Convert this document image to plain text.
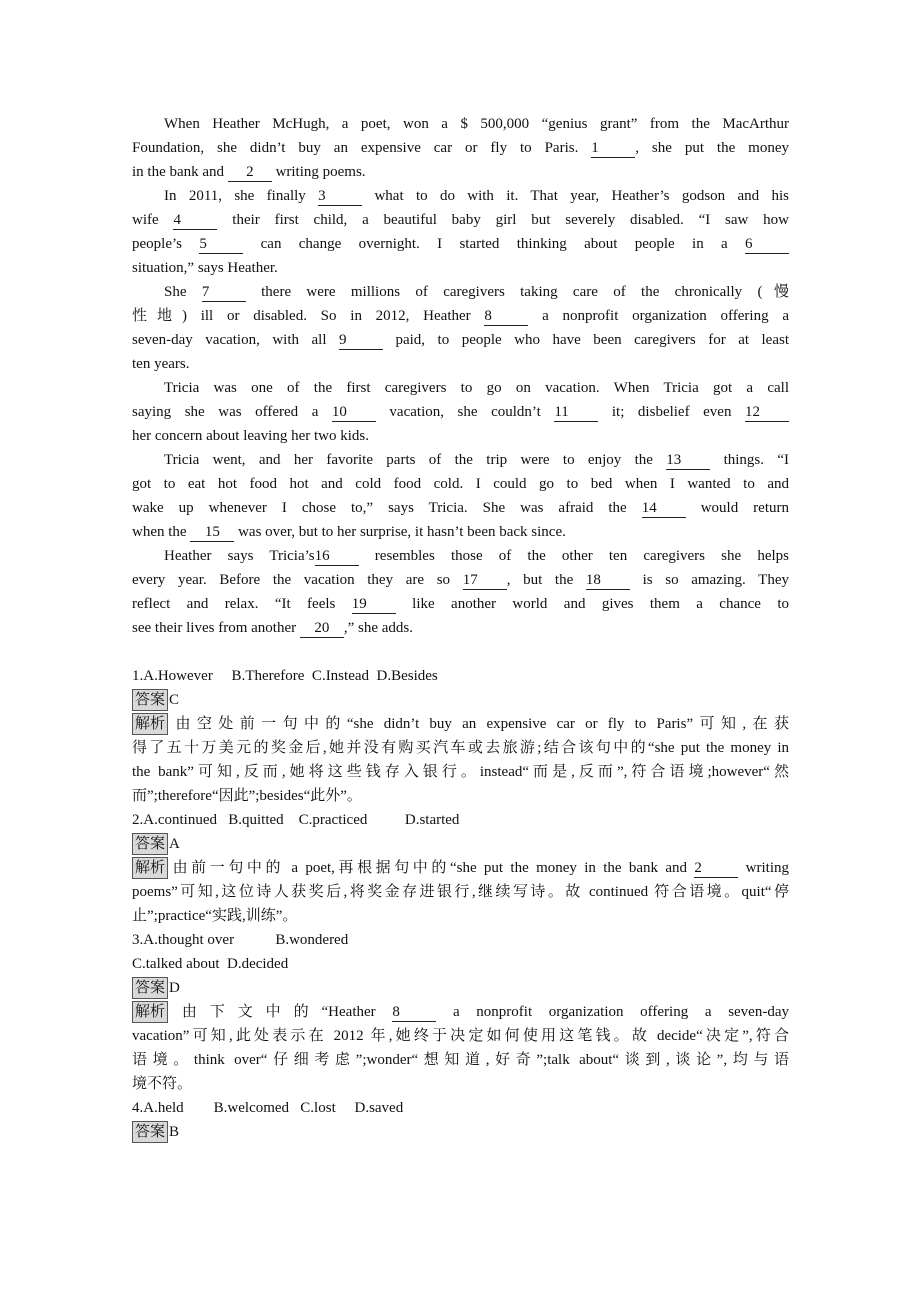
When Heather McHugh, a poet, won a $ 500,000 “genius grant” from the MacArthur
Foundation, she didn’t buy an expensive car or fly to Paris. 1 , she put the money
in the bank and 2 writing poems.
In 2011, she finally 3 what to do with it. That year, Heather’s godson and his
wife 4 their first child, a beautiful baby girl but severely disabled. “I saw how
people’s 5 can change overnight. I started thinking about people in a 6
situation,” says Heather.
She 7 there were millions of caregivers taking care of the chronically (慢
性地) ill or disabled. So in 2012, Heather 8 a nonprofit organization offering a
seven-day vacation, with all 9 paid, to people who have been caregivers for at least
ten years.
Tricia was one of the first caregivers to go on vacation. When Tricia got a call
saying she was offered a 10 vacation, she couldn’t 11 it; disbelief even 12
her concern about leaving her two kids.
Tricia went, and her favorite parts of the trip were to enjoy the 13 things. “I
got to eat hot food hot and cold food cold. I could go to bed when I wanted to and
wake up whenever I chose to,” says Tricia. She was afraid the 14 would return
when the 15 was over, but to her surprise, it hasn’t been back since.
Heather says Tricia’s16 resembles those of the other ten caregivers she helps
every year. Before the vacation they are so 17 , but the 18 is so amazing. They
reflect and relax. “It feels 19 like another world and gives them a chance to
see their lives from another 20 ,” she adds.
1.A.However     B.Therefore  C.Instead  D.Besides
答案 C
解析 由空处前一句中的“she didn’t buy an expensive car or fly to Paris”可知,在获
得了五十万美元的奖金后,她并没有购买汽车或去旅游;结合该句中的“she put the money in
the bank”可知,反而,她将这些钱存入银行。instead“而是,反而”,符合语境;however“然
而”;therefore“因此”;besides“此外”。
2.A.continued   B.quitted    C.practiced          D.started
答案 A
解析 由前一句中的 a poet,再根据句中的“she put the money in the bank and 2 writing
poems”可知,这位诗人获奖后,将奖金存进银行,继续写诗。故 continued 符合语境。quit“停
止”;practice“实践,训练”。
3.A.thought over           B.wondered
C.talked about  D.decided
答案 D
解析 由下文中的“Heather 8 a nonprofit organization offering a seven-day
vacation”可知,此处表示在 2012 年,她终于决定如何使用这笔钱。故 decide“决定”,符合
语境。think over“仔细考虑”;wonder“想知道,好奇”;talk about“谈到,谈论”,均与语
境不符。
4.A.held        B.welcomed   C.lost     D.saved
答案 B
